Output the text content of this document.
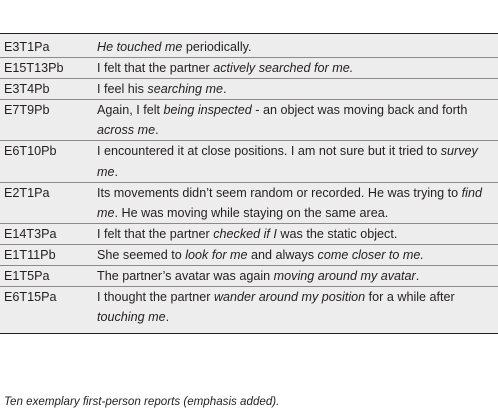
E3T1Pa	He touched me periodically.
E15T13Pb	I felt that the partner actively searched for me.
E3T4Pb	I feel his searching me.
E7T9Pb	Again, I felt being inspected - an object was moving back and forth across me.
E6T10Pb	I encountered it at close positions. I am not sure but it tried to survey me.
E2T1Pa	Its movements didn’t seem random or recorded. He was trying to find me. He was moving while staying on the same area.
E14T3Pa	I felt that the partner checked if I was the static object.
E1T11Pb	She seemed to look for me and always come closer to me.
E1T5Pa	The partner’s avatar was again moving around my avatar.
E6T15Pa	I thought the partner wander around my position for a while after touching me.
Ten exemplary first-person reports (emphasis added).
